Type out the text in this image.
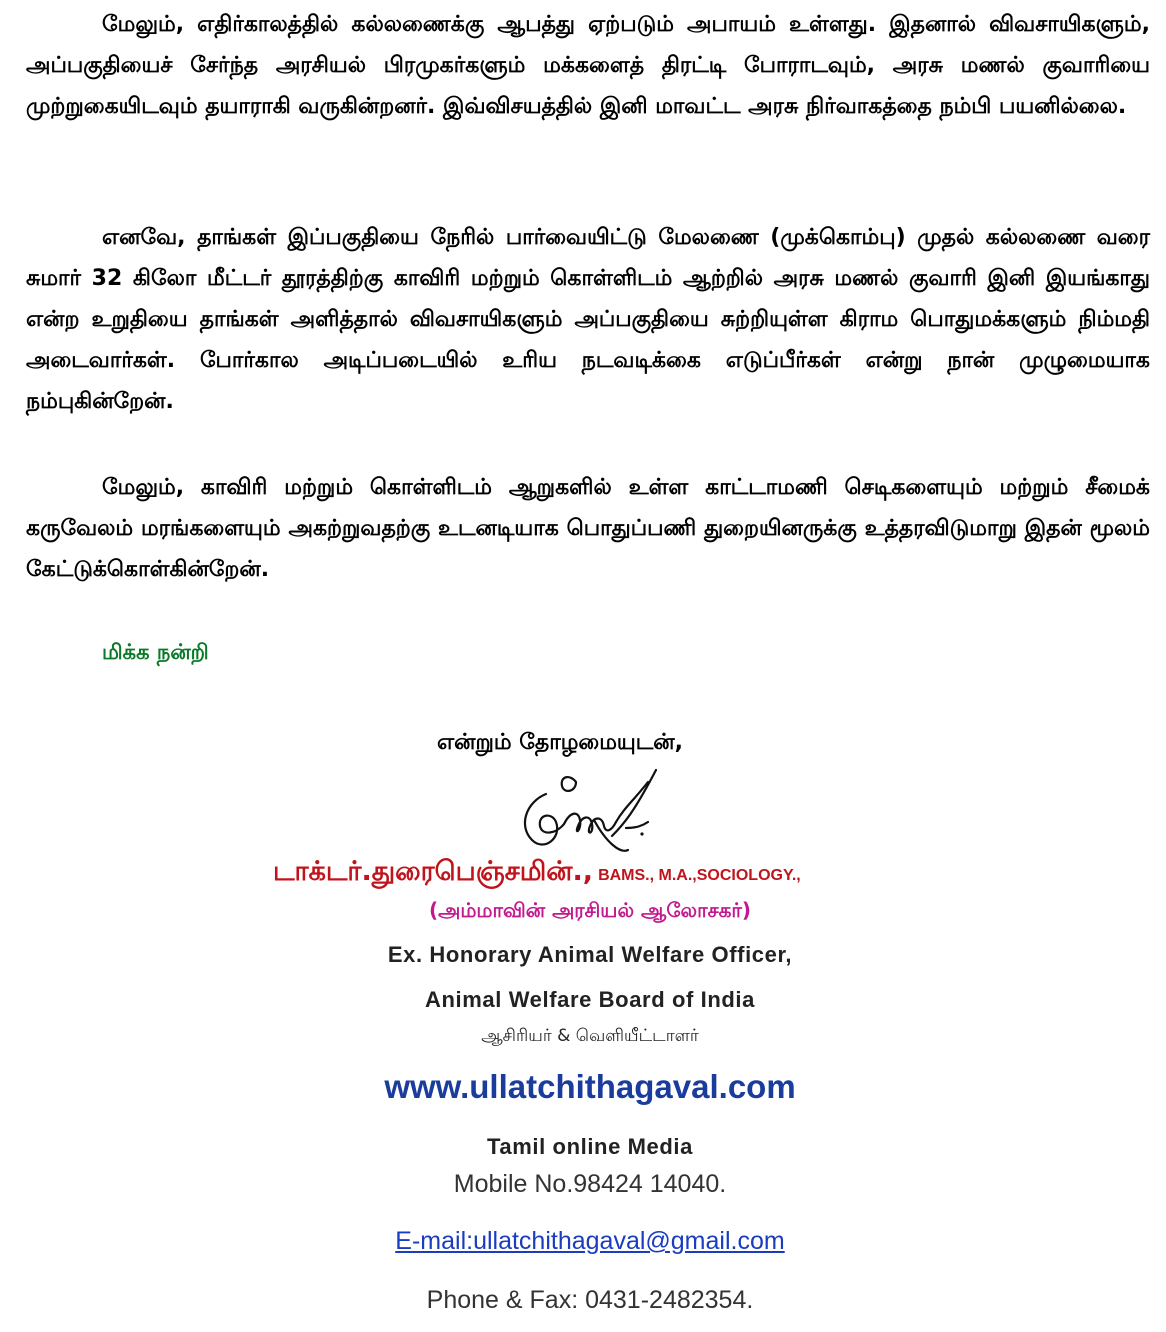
மேலும், எதிர்காலத்தில் கல்லணைக்கு ஆபத்து ஏற்படும் அபாயம் உள்ளது. இதனால் விவசாயிகளும், அப்பகுதியைச் சேர்ந்த அரசியல் பிரமுகர்களும் மக்களைத் திரட்டி போராடவும், அரசு மணல் குவாரியை முற்றுகையிடவும் தயாராகி வருகின்றனர். இவ்விசயத்தில் இனி மாவட்ட அரசு நிர்வாகத்தை நம்பி பயனில்லை.

எனவே, தாங்கள் இப்பகுதியை நேரில் பார்வையிட்டு மேலணை (முக்கொம்பு) முதல் கல்லணை வரை சுமார் 32 கிலோ மீட்டர் தூரத்திற்கு காவிரி மற்றும் கொள்ளிடம் ஆற்றில் அரசு மணல் குவாரி இனி இயங்காது என்ற உறுதியை தாங்கள் அளித்தால் விவசாயிகளும் அப்பகுதியை சுற்றியுள்ள கிராம பொதுமக்களும் நிம்மதி அடைவார்கள். போர்கால அடிப்படையில் உரிய நடவடிக்கை எடுப்பீர்கள் என்று நான் முழுமையாக நம்புகின்றேன்.

மேலும், காவிரி மற்றும் கொள்ளிடம் ஆறுகளில் உள்ள காட்டாமணி செடிகளையும் மற்றும் சீமைக் கருவேலம் மரங்களையும் அகற்றுவதற்கு உடனடியாக பொதுப்பணி துறையினருக்கு உத்தரவிடுமாறு இதன் மூலம் கேட்டுக்கொள்கின்றேன்.

மிக்க நன்றி

என்றும் தோழமையுடன்,
டாக்டர்.துரைபெஞ்சமின்., BAMS., M.A.,SOCIOLOGY.,
(அம்மாவின் அரசியல் ஆலோசகர்)
Ex. Honorary Animal Welfare Officer,
Animal Welfare Board of India
ஆசிரியர் & வெளியீட்டாளர்
www.ullatchithagaval.com
Tamil online Media
Mobile No.98424 14040.
E-mail:ullatchithagaval@gmail.com
Phone & Fax: 0431-2482354.
